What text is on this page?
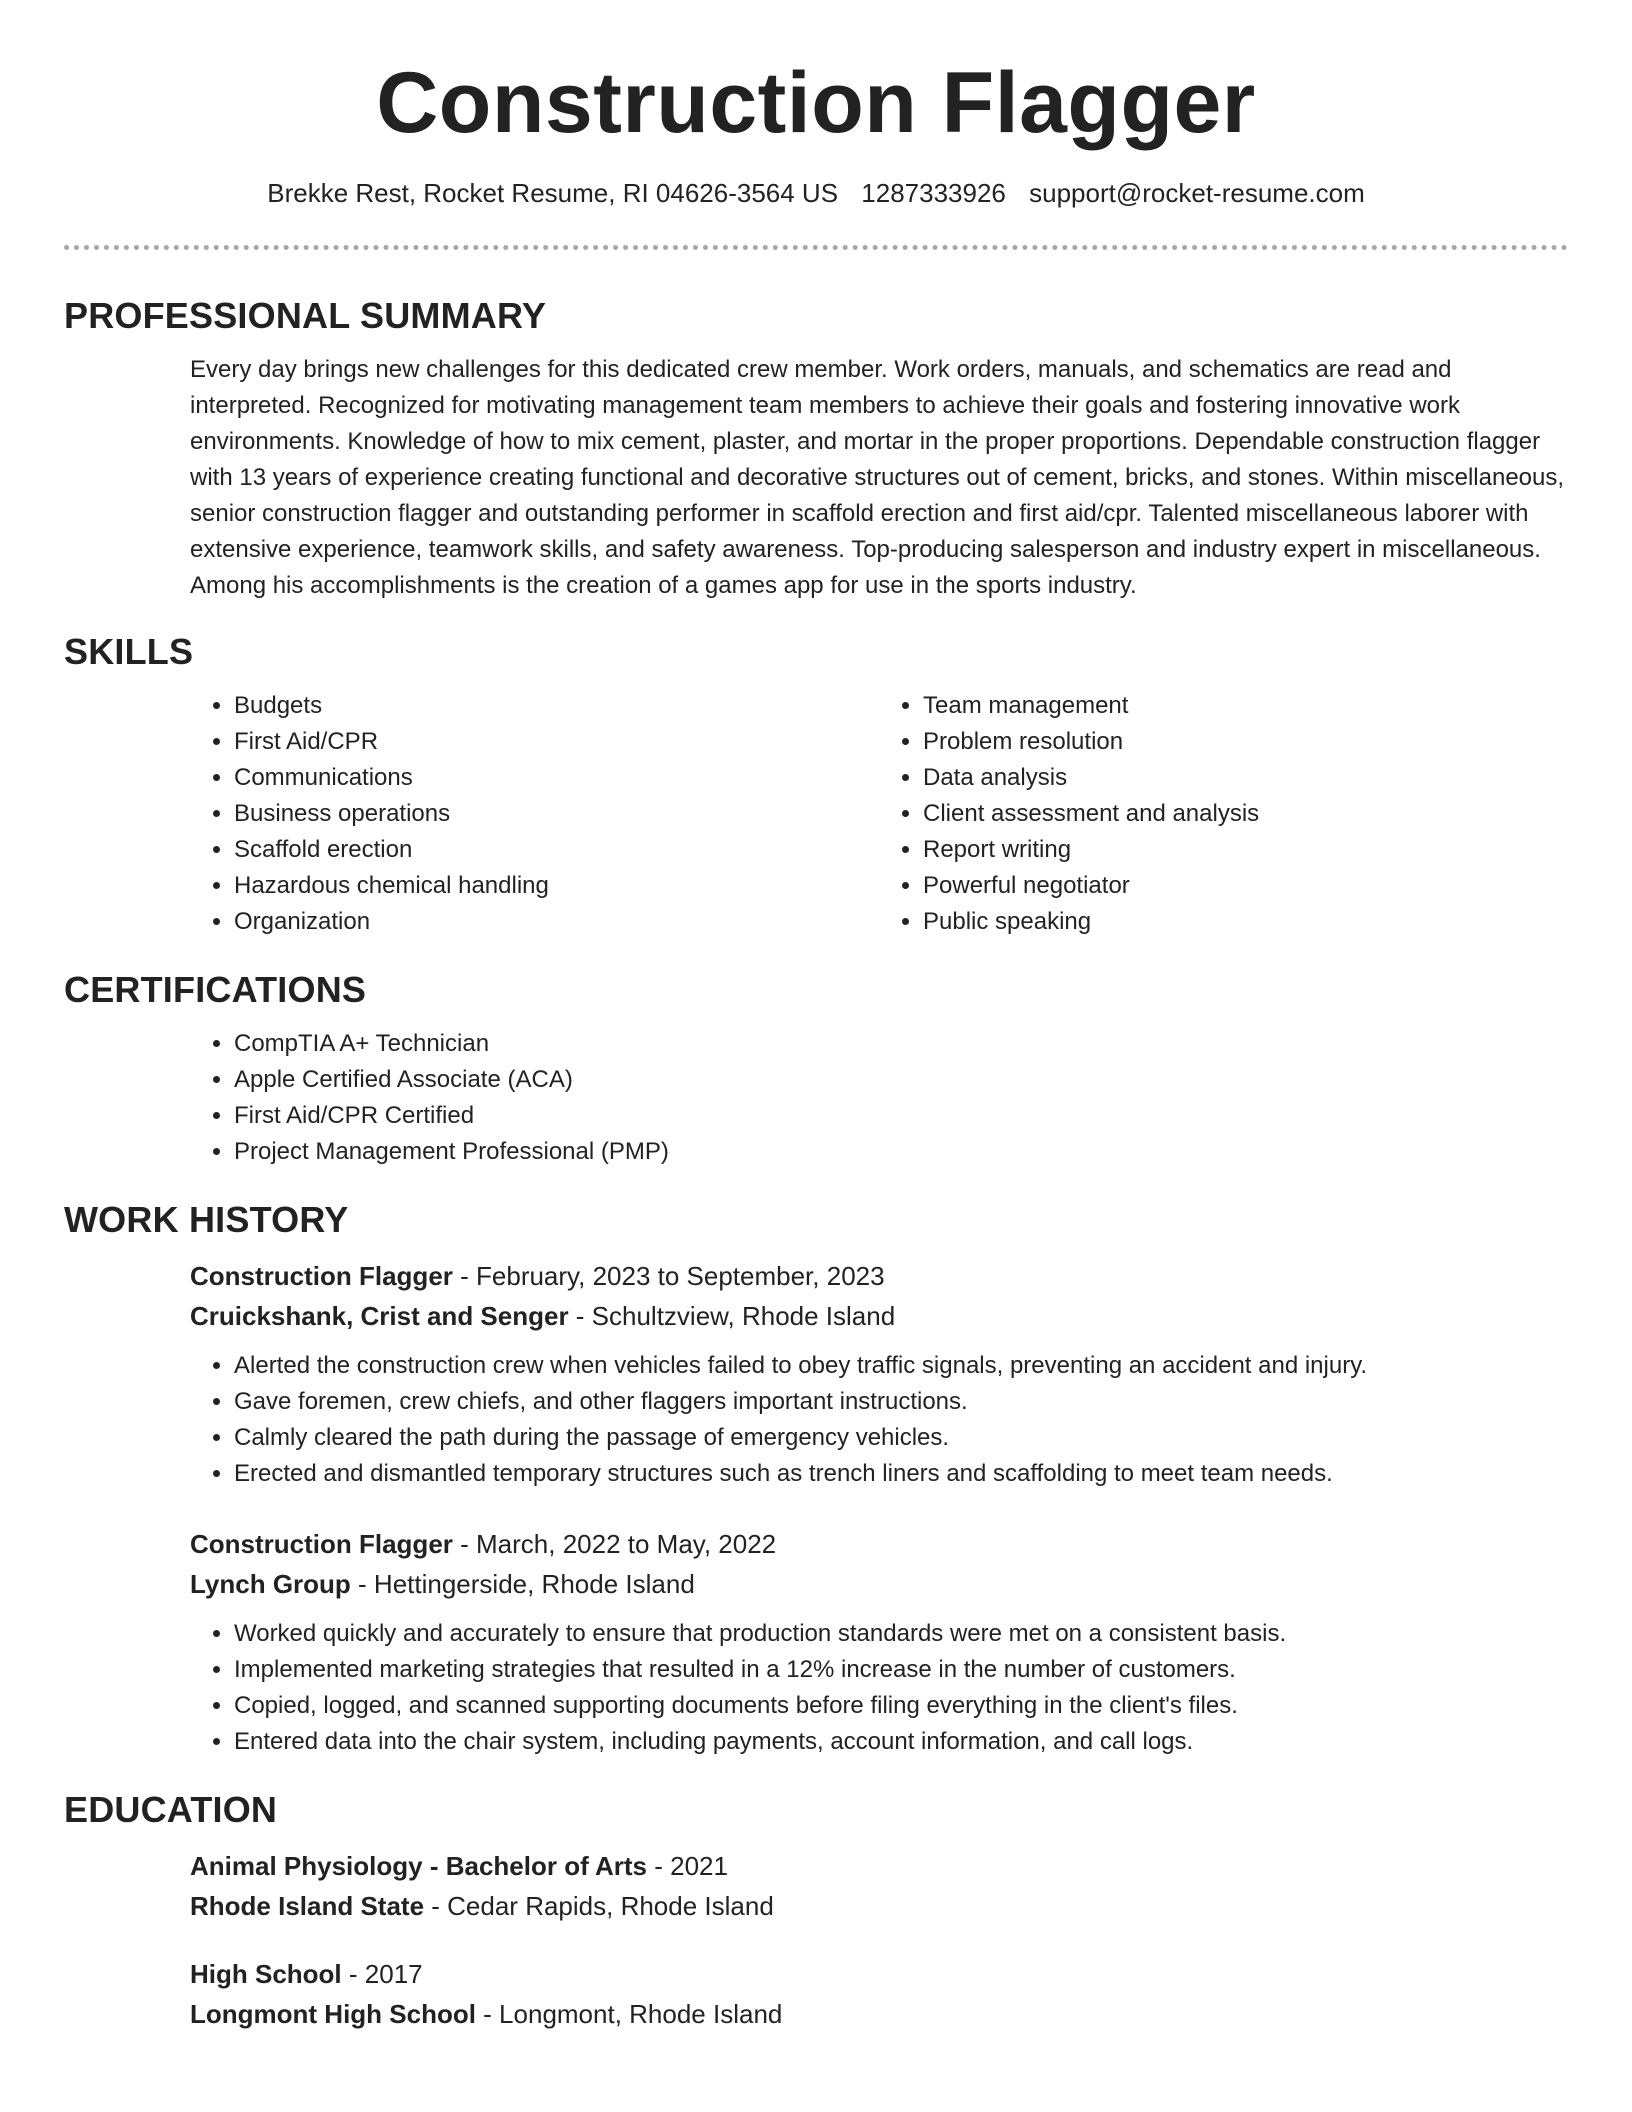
Construction Flagger
Brekke Rest, Rocket Resume, RI 04626-3564 US 1287333926 support@rocket-resume.com
PROFESSIONAL SUMMARY
Every day brings new challenges for this dedicated crew member. Work orders, manuals, and schematics are read and interpreted. Recognized for motivating management team members to achieve their goals and fostering innovative work environments. Knowledge of how to mix cement, plaster, and mortar in the proper proportions. Dependable construction flagger with 13 years of experience creating functional and decorative structures out of cement, bricks, and stones. Within miscellaneous, senior construction flagger and outstanding performer in scaffold erection and first aid/cpr. Talented miscellaneous laborer with extensive experience, teamwork skills, and safety awareness. Top-producing salesperson and industry expert in miscellaneous. Among his accomplishments is the creation of a games app for use in the sports industry.
SKILLS
• Budgets
• First Aid/CPR
• Communications
• Business operations
• Scaffold erection
• Hazardous chemical handling
• Organization
• Team management
• Problem resolution
• Data analysis
• Client assessment and analysis
• Report writing
• Powerful negotiator
• Public speaking
CERTIFICATIONS
• CompTIA A+ Technician
• Apple Certified Associate (ACA)
• First Aid/CPR Certified
• Project Management Professional (PMP)
WORK HISTORY
Construction Flagger - February, 2023 to September, 2023
Cruickshank, Crist and Senger - Schultzview, Rhode Island
• Alerted the construction crew when vehicles failed to obey traffic signals, preventing an accident and injury.
• Gave foremen, crew chiefs, and other flaggers important instructions.
• Calmly cleared the path during the passage of emergency vehicles.
• Erected and dismantled temporary structures such as trench liners and scaffolding to meet team needs.
Construction Flagger - March, 2022 to May, 2022
Lynch Group - Hettingerside, Rhode Island
• Worked quickly and accurately to ensure that production standards were met on a consistent basis.
• Implemented marketing strategies that resulted in a 12% increase in the number of customers.
• Copied, logged, and scanned supporting documents before filing everything in the client's files.
• Entered data into the chair system, including payments, account information, and call logs.
EDUCATION
Animal Physiology - Bachelor of Arts - 2021
Rhode Island State - Cedar Rapids, Rhode Island
High School - 2017
Longmont High School - Longmont, Rhode Island
